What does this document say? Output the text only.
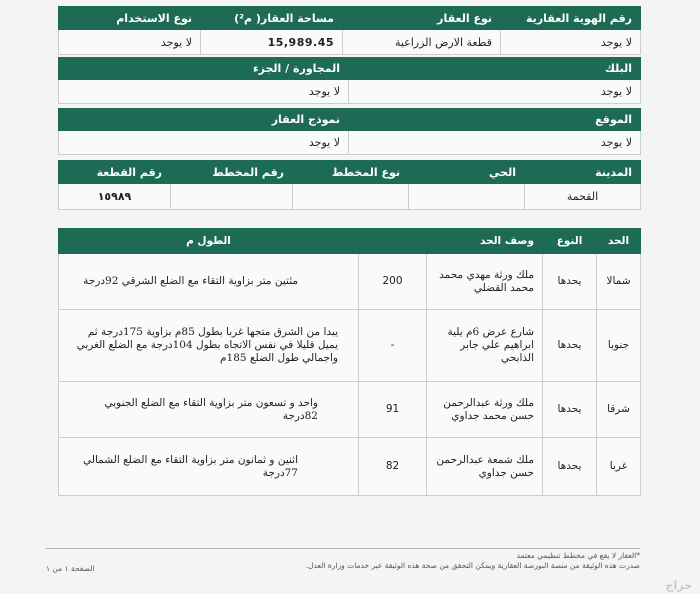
رقم الهوية العقارية	نوع العقار	مساحة العقار( م²)	نوع الاستخدام
لا يوجد	قطعة الارض الزراعية	15,989.45	لا يوجد
البلك	المجاورة / الجزء
لا يوجد	لا يوجد
الموقع	نموذج العقار
لا يوجد	لا يوجد
المدينة	الحي	نوع المخطط	رقم المخطط	رقم القطعة
القحمة				١٥٩٨٩
الحد	النوع	وصف الحد		الطول م
شمالا	يحدها	ملك ورثة مهدي محمد محمد القضلي	200	مئتين متر بزاوية التقاء مع الضلع الشرقي 92درجة
جنوبا	يحدها	شارع عرض 6م يلية ابراهيم علي جابر الذابحي	-	يبدا من الشرق متجها غربا بطول 85م بزاوية 175درجة ثم يميل قليلا في نفس الاتجاه بطول 104درجة مع الضلع الغربي واجمالي طول الضلع 185م
شرقا	يحدها	ملك ورثة عبدالرحمن حسن محمد جداوي	91	واحد و تسعون متر بزاوية التقاء مع الضلع الجنوبي 82درجة
غربا	يحدها	ملك شمعة عبدالرحمن حسن جداوي	82	اثنين و ثمانون متر بزاوية التقاء مع الضلع الشمالي 77درجة
*العقار لا يقع في مخطط تنظيمي معتمد
صدرت هذه الوثيقة من منصة البورصة العقارية ويمكن التحقق من صحة هذه الوثيقة عبر خدمات وزارة العدل.
الصفحة ١ من ١
حراج
